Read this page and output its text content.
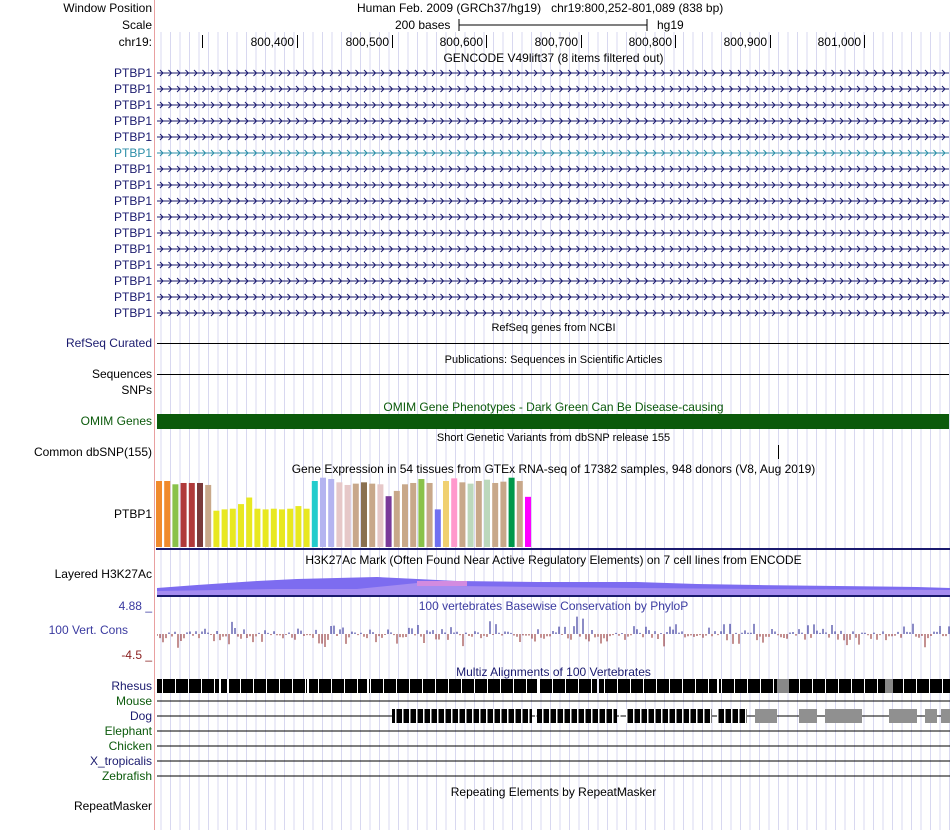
Window Position
Scale
chr19:
Human Feb. 2009 (GRCh37/hg19) chr19:800,252-801,089 (838 bp)
200 bases	hg19
800,400	800,500	800,600	800,700	800,800	800,900	801,000
GENCODE V49lift37 (8 items filtered out)
PTBP1
PTBP1
PTBP1
PTBP1
PTBP1
PTBP1
PTBP1
PTBP1
PTBP1
PTBP1
PTBP1
PTBP1
PTBP1
PTBP1
PTBP1
PTBP1
RefSeq genes from NCBI
RefSeq Curated
Publications: Sequences in Scientific Articles
Sequences
SNPs
OMIM Gene Phenotypes - Dark Green Can Be Disease-causing
OMIM Genes
Short Genetic Variants from dbSNP release 155
Common dbSNP(155)
Gene Expression in 54 tissues from GTEx RNA-seq of 17382 samples, 948 donors (V8, Aug 2019)
PTBP1
H3K27Ac Mark (Often Found Near Active Regulatory Elements) on 7 cell lines from ENCODE
Layered H3K27Ac
100 vertebrates Basewise Conservation by PhyloP
4.88 _
100 Vert. Cons
-4.5 _
Multiz Alignments of 100 Vertebrates
Rhesus
Mouse
Dog
Elephant
Chicken
X_tropicalis
Zebrafish
Repeating Elements by RepeatMasker
RepeatMasker
